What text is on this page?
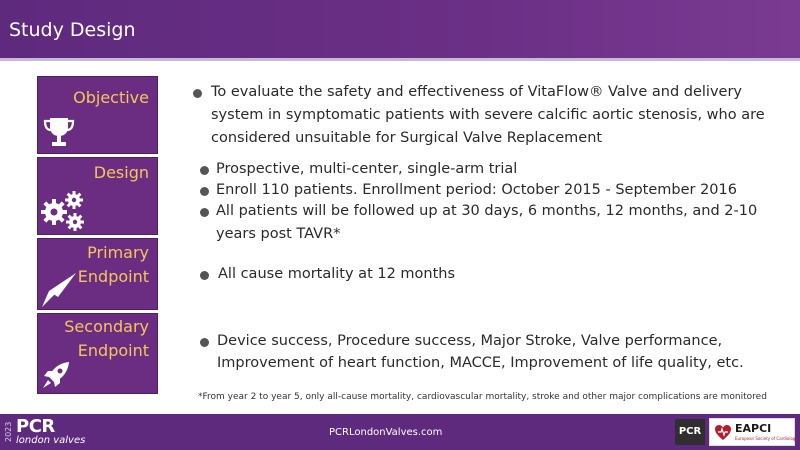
Study Design
Objective
Design
Primary
Endpoint
Secondary
Endpoint
To evaluate the safety and effectiveness of VitaFlow® Valve and delivery
system in symptomatic patients with severe calcific aortic stenosis, who are
considered unsuitable for Surgical Valve Replacement
Prospective, multi-center, single-arm trial
Enroll 110 patients. Enrollment period: October 2015 - September 2016
All patients will be followed up at 30 days, 6 months, 12 months, and 2-10
years post TAVR*
All cause mortality at 12 months
Device success, Procedure success, Major Stroke, Valve performance,
Improvement of heart function, MACCE, Improvement of life quality, etc.
*From year 2 to year 5, only all-cause mortality, cardiovascular mortality, stroke and other major complications are monitored
2023 PCR
london valves
PCRLondonValves.com	PCR	EAPCI
European Society of Cardiology
